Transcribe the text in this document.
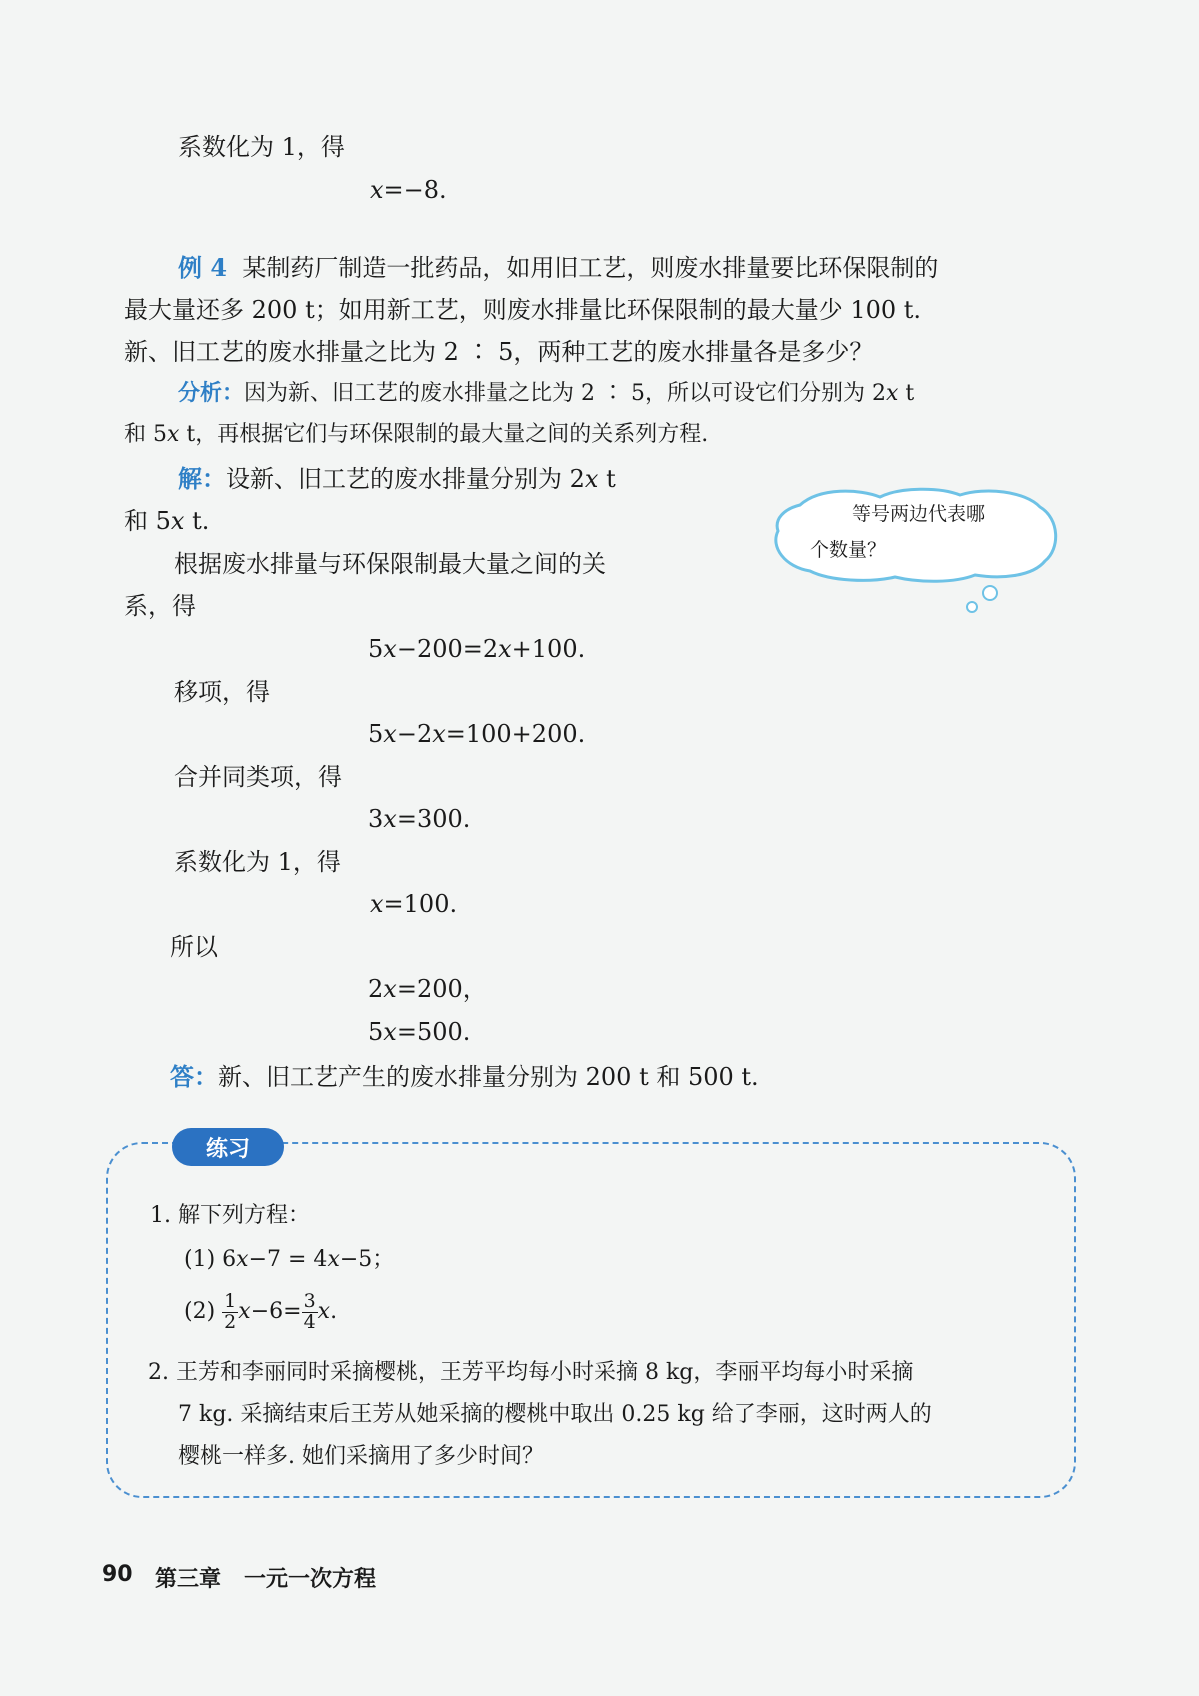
系数化为 1，得
x=−8.
例 4 某制药厂制造一批药品，如用旧工艺，则废水排量要比环保限制的
最大量还多 200 t；如用新工艺，则废水排量比环保限制的最大量少 100 t.
新、旧工艺的废水排量之比为 2 ∶ 5，两种工艺的废水排量各是多少？
分析：因为新、旧工艺的废水排量之比为 2 ∶ 5，所以可设它们分别为 2x t
和 5x t，再根据它们与环保限制的最大量之间的关系列方程.
解：设新、旧工艺的废水排量分别为 2x t
和 5x t.
根据废水排量与环保限制最大量之间的关
系，得
5x−200=2x+100.
移项，得
5x−2x=100+200.
合并同类项，得
3x=300.
系数化为 1，得
x=100.
所以
2x=200，
5x=500.
答：新、旧工艺产生的废水排量分别为 200 t 和 500 t.
等号两边代表哪
个数量？
练习
1. 解下列方程：
(1) 6x−7 = 4x−5；
$(2) \frac{1}{2} x-6= \frac{3}{4} x$.
2. 王芳和李丽同时采摘樱桃，王芳平均每小时采摘 8 kg，李丽平均每小时采摘
7 kg. 采摘结束后王芳从她采摘的樱桃中取出 0.25 kg 给了李丽，这时两人的
樱桃一样多. 她们采摘用了多少时间？
90 第三章 一元一次方程
